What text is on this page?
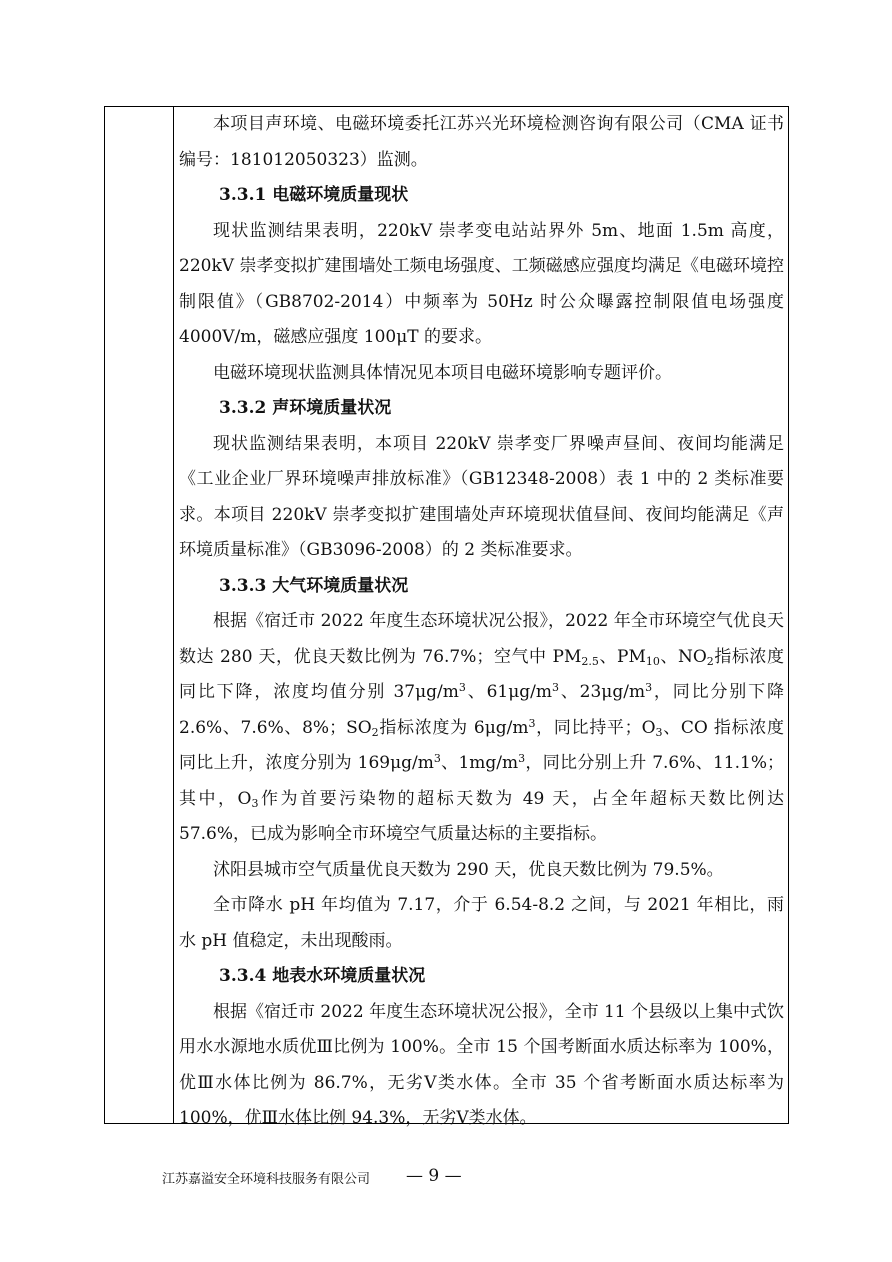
本项目声环境、电磁环境委托江苏兴光环境检测咨询有限公司（CMA 证书编号：181012050323）监测。

3.3.1 电磁环境质量现状

现状监测结果表明，220kV 崇孝变电站站界外 5m、地面 1.5m 高度，220kV 崇孝变拟扩建围墙处工频电场强度、工频磁感应强度均满足《电磁环境控制限值》（GB8702-2014）中频率为 50Hz 时公众曝露控制限值电场强度 4000V/m，磁感应强度 100μT 的要求。

电磁环境现状监测具体情况见本项目电磁环境影响专题评价。

3.3.2 声环境质量状况

现状监测结果表明，本项目 220kV 崇孝变厂界噪声昼间、夜间均能满足《工业企业厂界环境噪声排放标准》（GB12348-2008）表 1 中的 2 类标准要求。本项目 220kV 崇孝变拟扩建围墙处声环境现状值昼间、夜间均能满足《声环境质量标准》（GB3096-2008）的 2 类标准要求。

3.3.3 大气环境质量状况

根据《宿迁市 2022 年度生态环境状况公报》，2022 年全市环境空气优良天数达 280 天，优良天数比例为 76.7%；空气中 $PM_{2.5}$、$PM_{10}$、$NO_2$指标浓度同比下降，浓度均值分别 $37\mu g/m^3$、$61\mu g/m^3$、$23\mu g/m^3$，同比分别下降 2.6%、7.6%、8%；$SO_2$指标浓度为 $6\mu g/m^3$，同比持平；$O_3$、CO 指标浓度同比上升，浓度分别为 $169\mu g/m^3$、$1mg/m^3$，同比分别上升 7.6%、11.1%；其中，$O_3$作为首要污染物的超标天数为 49 天，占全年超标天数比例达 57.6%，已成为影响全市环境空气质量达标的主要指标。

沭阳县城市空气质量优良天数为 290 天，优良天数比例为 79.5%。

全市降水 pH 年均值为 7.17，介于 6.54-8.2 之间，与 2021 年相比，雨水 pH 值稳定，未出现酸雨。

3.3.4 地表水环境质量状况

根据《宿迁市 2022 年度生态环境状况公报》，全市 11 个县级以上集中式饮用水水源地水质优Ⅲ比例为 100%。全市 15 个国考断面水质达标率为 100%，优Ⅲ水体比例为 86.7%，无劣Ⅴ类水体。全市 35 个省考断面水质达标率为 100%，优Ⅲ水体比例 94.3%，无劣Ⅴ类水体。

江苏嘉溢安全环境科技服务有限公司 — 9 —
